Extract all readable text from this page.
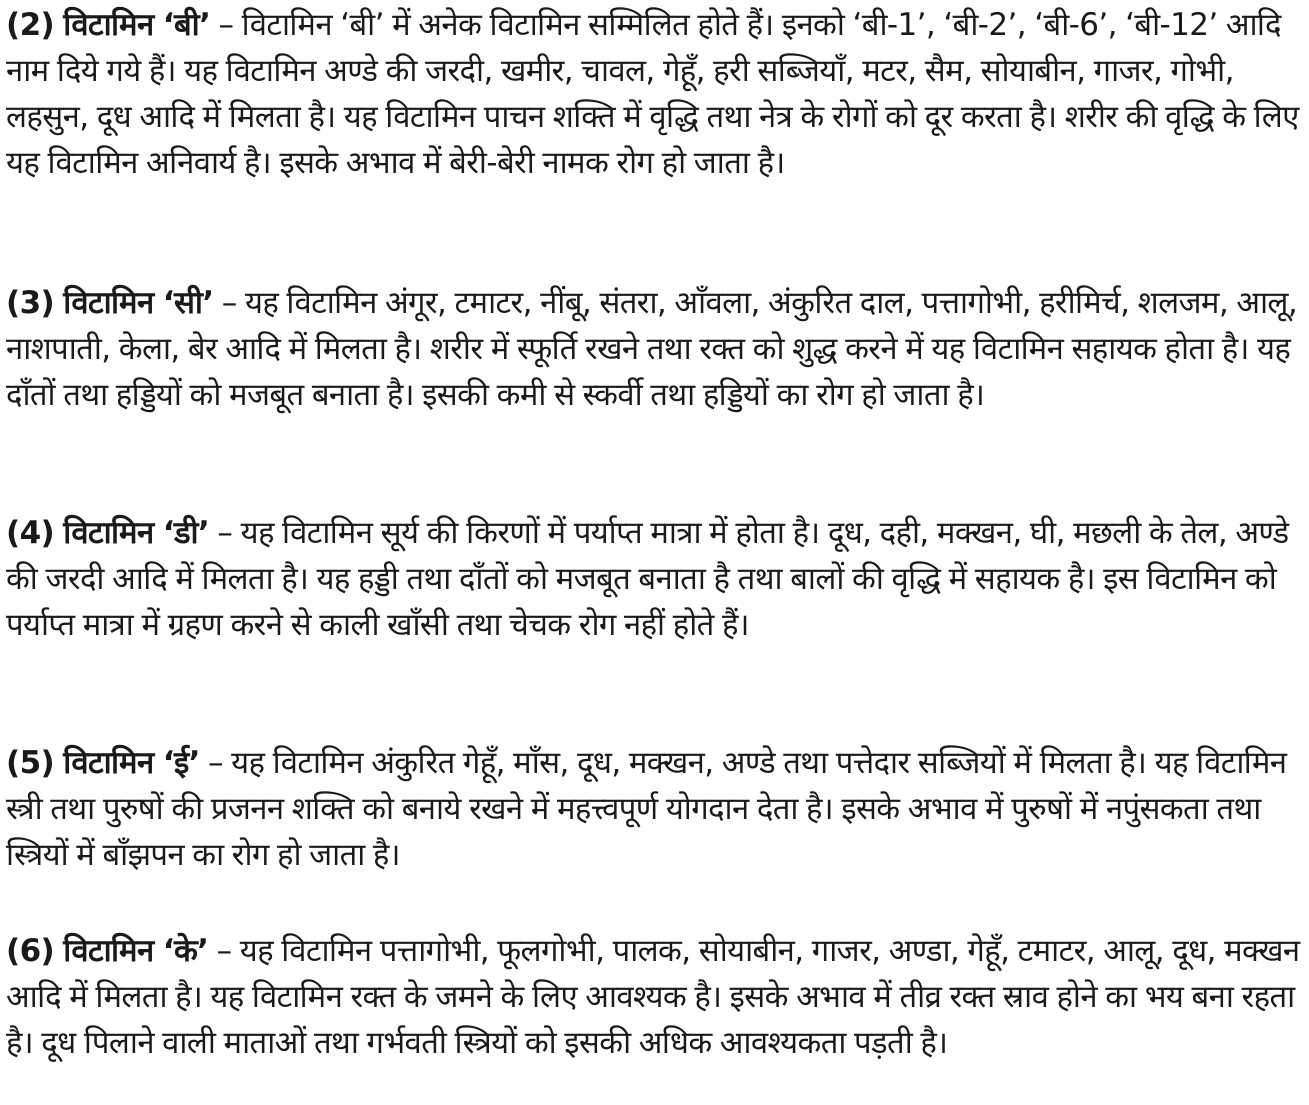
(2) विटामिन ‘बी’ – विटामिन ‘बी’ में अनेक विटामिन सम्मिलित होते हैं। इनको ‘बी-1’, ‘बी-2’, ‘बी-6’, ‘बी-12’ आदि नाम दिये गये हैं। यह विटामिन अण्डे की जरदी, खमीर, चावल, गेहूँ, हरी सब्जियाँ, मटर, सैम, सोयाबीन, गाजर, गोभी, लहसुन, दूध आदि में मिलता है। यह विटामिन पाचन शक्ति में वृद्धि तथा नेत्र के रोगों को दूर करता है। शरीर की वृद्धि के लिए यह विटामिन अनिवार्य है। इसके अभाव में बेरी-बेरी नामक रोग हो जाता है।

(3) विटामिन ‘सी’ – यह विटामिन अंगूर, टमाटर, नींबू, संतरा, आँवला, अंकुरित दाल, पत्तागोभी, हरीमिर्च, शलजम, आलू, नाशपाती, केला, बेर आदि में मिलता है। शरीर में स्फूर्ति रखने तथा रक्त को शुद्ध करने में यह विटामिन सहायक होता है। यह दाँतों तथा हड्डियों को मजबूत बनाता है। इसकी कमी से स्कर्वी तथा हड्डियों का रोग हो जाता है।

(4) विटामिन ‘डी’ – यह विटामिन सूर्य की किरणों में पर्याप्त मात्रा में होता है। दूध, दही, मक्खन, घी, मछली के तेल, अण्डे की जरदी आदि में मिलता है। यह हड्डी तथा दाँतों को मजबूत बनाता है तथा बालों की वृद्धि में सहायक है। इस विटामिन को पर्याप्त मात्रा में ग्रहण करने से काली खाँसी तथा चेचक रोग नहीं होते हैं।

(5) विटामिन ‘ई’ – यह विटामिन अंकुरित गेहूँ, माँस, दूध, मक्खन, अण्डे तथा पत्तेदार सब्जियों में मिलता है। यह विटामिन स्त्री तथा पुरुषों की प्रजनन शक्ति को बनाये रखने में महत्त्वपूर्ण योगदान देता है। इसके अभाव में पुरुषों में नपुंसकता तथा स्त्रियों में बाँझपन का रोग हो जाता है।

(6) विटामिन ‘के’ – यह विटामिन पत्तागोभी, फूलगोभी, पालक, सोयाबीन, गाजर, अण्डा, गेहूँ, टमाटर, आलू, दूध, मक्खन आदि में मिलता है। यह विटामिन रक्त के जमने के लिए आवश्यक है। इसके अभाव में तीव्र रक्त स्राव होने का भय बना रहता है। दूध पिलाने वाली माताओं तथा गर्भवती स्त्रियों को इसकी अधिक आवश्यकता पड़ती है।
